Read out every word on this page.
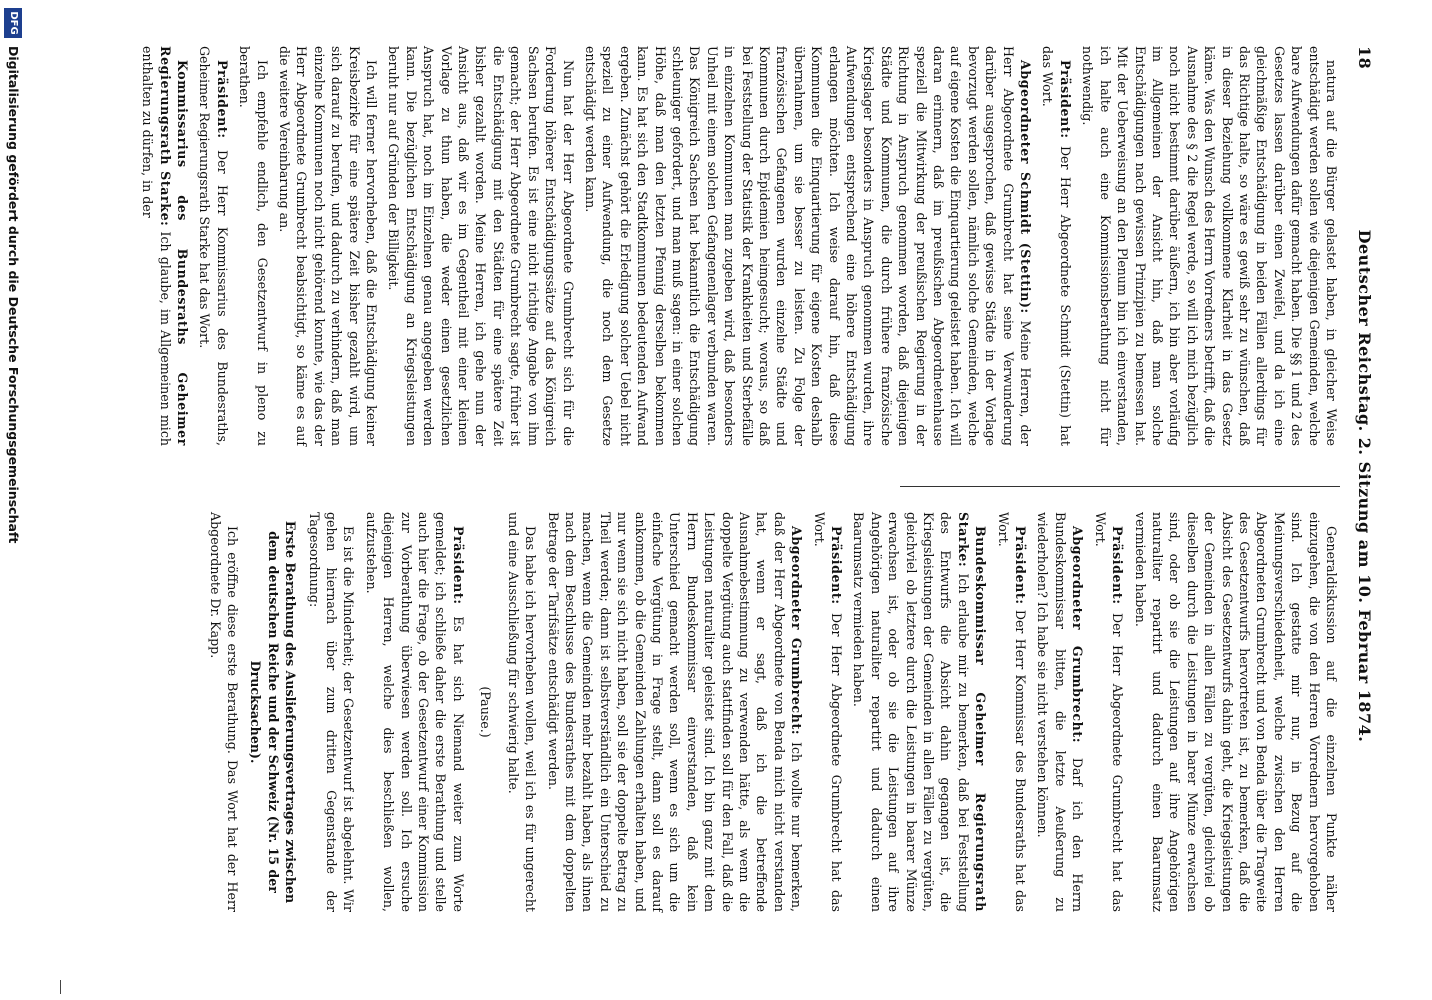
18
Deutscher Reichstag. 2. Sitzung am 10. Februar 1874.

natura auf die Bürger gelastet haben, in gleicher Weise entschädigt werden sollen wie diejenigen Gemeinden, welche bare Aufwendungen dafür gemacht haben. Die §§ 1 und 2 des Gesetzes lassen darüber einen Zweifel, und da ich eine gleichmäßige Entschädigung in beiden Fällen allerdings für das Richtige halte, so wäre es gewiß sehr zu wünschen, daß in dieser Beziehung vollkommene Klarheit in das Gesetz käme. Was den Wunsch des Herrn Vorredners betrifft, daß die Ausnahme des § 2 die Regel werde, so will ich mich bezüglich noch nicht bestimmt darüber äußern, ich bin aber vorläufig im Allgemeinen der Ansicht hin, daß man solche Entschädigungen nach gewissen Prinzipien zu bemessen hat. Mit der Ueberweisung an den Plenum bin ich einverstanden, ich halte auch eine Kommissionsberathung nicht für nothwendig.

Präsident: Der Herr Abgeordnete Schmidt (Stettin) hat das Wort.

Abgeordneter Schmidt (Stettin): Meine Herren, der Herr Abgeordnete Grumbrecht hat seine Verwunderung darüber ausgesprochen, daß gewisse Städte in der Vorlage bevorzugt werden sollen, nämlich solche Gemeinden, welche auf eigene Kosten die Einquartierung geleistet haben. Ich will daran erinnern, daß im preußischen Abgeordnetenhause speziell die Mitwirkung der preußischen Regierung in der Richtung in Anspruch genommen worden, daß diejenigen Städte und Kommunen, die durch frühere französische Kriegslager besonders in Anspruch genommen wurden, ihre Aufwendungen entsprechend eine höhere Entschädigung erlangen möchten. Ich weise darauf hin, daß diese Kommunen die Einquartierung für eigene Kosten deshalb übernahmen, um sie besser zu leisten. Zu Folge der französischen Gefangenen wurden einzelne Städte und Kommunen durch Epidemien heimgesucht; woraus, so daß bei Feststellung der Statistik der Krankheiten und Sterbefälle in einzelnen Kommunen man zugeben wird, daß besonders Unheil mit einem solchen Gefangenenlager verbunden waren. Das Königreich Sachsen hat bekanntlich die Entschädigung schleuniger gefordert, und man muß sagen: in einer solchen Höhe, daß man den letzten Pfennig derselben bekommen kann. Es hat sich den Stadtkommunen bedeutenden Aufwand ergeben. Zunächst gehört die Erledigung solcher Uebel nicht speziell zu einer Aufwendung, die noch dem Gesetze entschädigt werden kann.

Nun hat der Herr Abgeordnete Grumbrecht sich für die Forderung höherer Entschädigungssätze auf das Königreich Sachsen berufen. Es ist eine nicht richtige Angabe von ihm gemacht; der Herr Abgeordnete Grumbrecht sagte, früher ist die Entschädigung mit den Städten für eine spätere Zeit bisher gezahlt worden. Meine Herren, ich gehe nun der Ansicht aus, daß wir es im Gegentheil mit einer kleinen Vorlage zu thun haben, die weder einen gesetzlichen Anspruch hat, noch im Einzelnen genau angegeben werden kann. Die bezüglichen Entschädigung an Kriegsleistungen beruht nur auf Gründen der Billigkeit.

Ich will ferner hervorheben, daß die Entschädigung keiner Kreisbezirke für eine spätere Zeit bisher gezahlt wird, um sich darauf zu berufen, und dadurch zu verhindern, daß man einzelne Kommunen noch nicht gehörend konnte, wie das der Herr Abgeordnete Grumbrecht beabsichtigt, so käme es auf die weitere Vereinbarung an.

Ich empfehle endlich, den Gesetzentwurf in pleno zu berathen.

Präsident: Der Herr Kommissarius des Bundesraths, Geheimer Regierungsrath Starke hat das Wort.

Kommissarius des Bundesraths Geheimer Regierungsrath Starke: Ich glaube, im Allgemeinen mich enthalten zu dürfen, in der

Generaldiskussion auf die einzelnen Punkte näher einzugehen, die von den Herren Vorrednern hervorgehoben sind. Ich gestatte mir nur, in Bezug auf die Meinungsverschiedenheit, welche zwischen den Herren Abgeordneten Grumbrecht und von Benda über die Tragweite des Gesetzentwurfs hervortreten ist, zu bemerken, daß die Absicht des Gesetzentwurfs dahin geht, die Kriegsleistungen der Gemeinden in allen Fällen zu vergüten, gleichviel ob dieselben durch die Leistungen in barer Münze erwachsen sind, oder ob sie die Leistungen auf ihre Angehörigen naturaliter repartirt und dadurch einen Baarumsatz vermieden haben.

Präsident: Der Herr Abgeordnete Grumbrecht hat das Wort.

Abgeordneter Grumbrecht: Darf ich den Herrn Bundeskommissar bitten, die letzte Aeußerung zu wiederholen? Ich habe sie nicht verstehen können.

Präsident: Der Herr Kommissar des Bundesraths hat das Wort.

Bundeskommissar Geheimer Regierungsrath Starke: Ich erlaube mir zu bemerken, daß bei Feststellung des Entwurfs die Absicht dahin gegangen ist, die Kriegsleistungen der Gemeinden in allen Fällen zu vergüten, gleichviel ob letztere durch die Leistungen in baarer Münze erwachsen ist, oder ob sie die Leistungen auf ihre Angehörigen naturaliter repartirt und dadurch einen Baarumsatz vermieden haben.

Präsident: Der Herr Abgeordnete Grumbrecht hat das Wort.

Abgeordneter Grumbrecht: Ich wollte nur bemerken, daß der Herr Abgeordnete von Benda mich nicht verstanden hat, wenn er sagt, daß ich die betreffende Ausnahmebestimmung zu verwenden hätte, als wenn die doppelte Vergütung auch stattfinden soll für den Fall, daß die Leistungen naturaliter geleistet sind. Ich bin ganz mit dem Herrn Bundeskommissar einverstanden, daß kein Unterschied gemacht werden soll, wenn es sich um die einfache Vergütung in Frage stellt, dann soll es darauf ankommen, ob die Gemeinden Zahlungen erhalten haben, und nur wenn sie sich nicht haben, soll sie der doppelte Betrag zu Theil werden; dann ist selbstverständlich ein Unterschied zu machen, wenn die Gemeinden mehr bezahlt haben, als ihnen nach dem Beschlusse des Bundesrathes mit dem doppelten Betrage der Tarifsätze entschädigt werden.

Das habe ich hervorheben wollen, weil ich es für ungerecht und eine Ausschließung für schwierig halte.

(Pause.)

Präsident: Es hat sich Niemand weiter zum Worte gemeldet; ich schließe daher die erste Berathung und stelle auch hier die Frage, ob der Gesetzentwurf einer Kommission zur Vorberathung überwiesen werden soll. Ich ersuche diejenigen Herren, welche dies beschließen wollen, aufzustehen.

Es ist die Minderheit; der Gesetzentwurf ist abgelehnt. Wir gehen hiernach über zum dritten Gegenstande der Tagesordnung:

Erste Berathung des Auslieferungsvertrages zwischen dem deutschen Reiche und der Schweiz (Nr. 15 der Drucksachen).

Ich eröffne diese erste Berathung. Das Wort hat der Herr Abgeordnete Dr. Kapp.

DFG
Digitalisierung gefördert durch die Deutsche Forschungsgemeinschaft
